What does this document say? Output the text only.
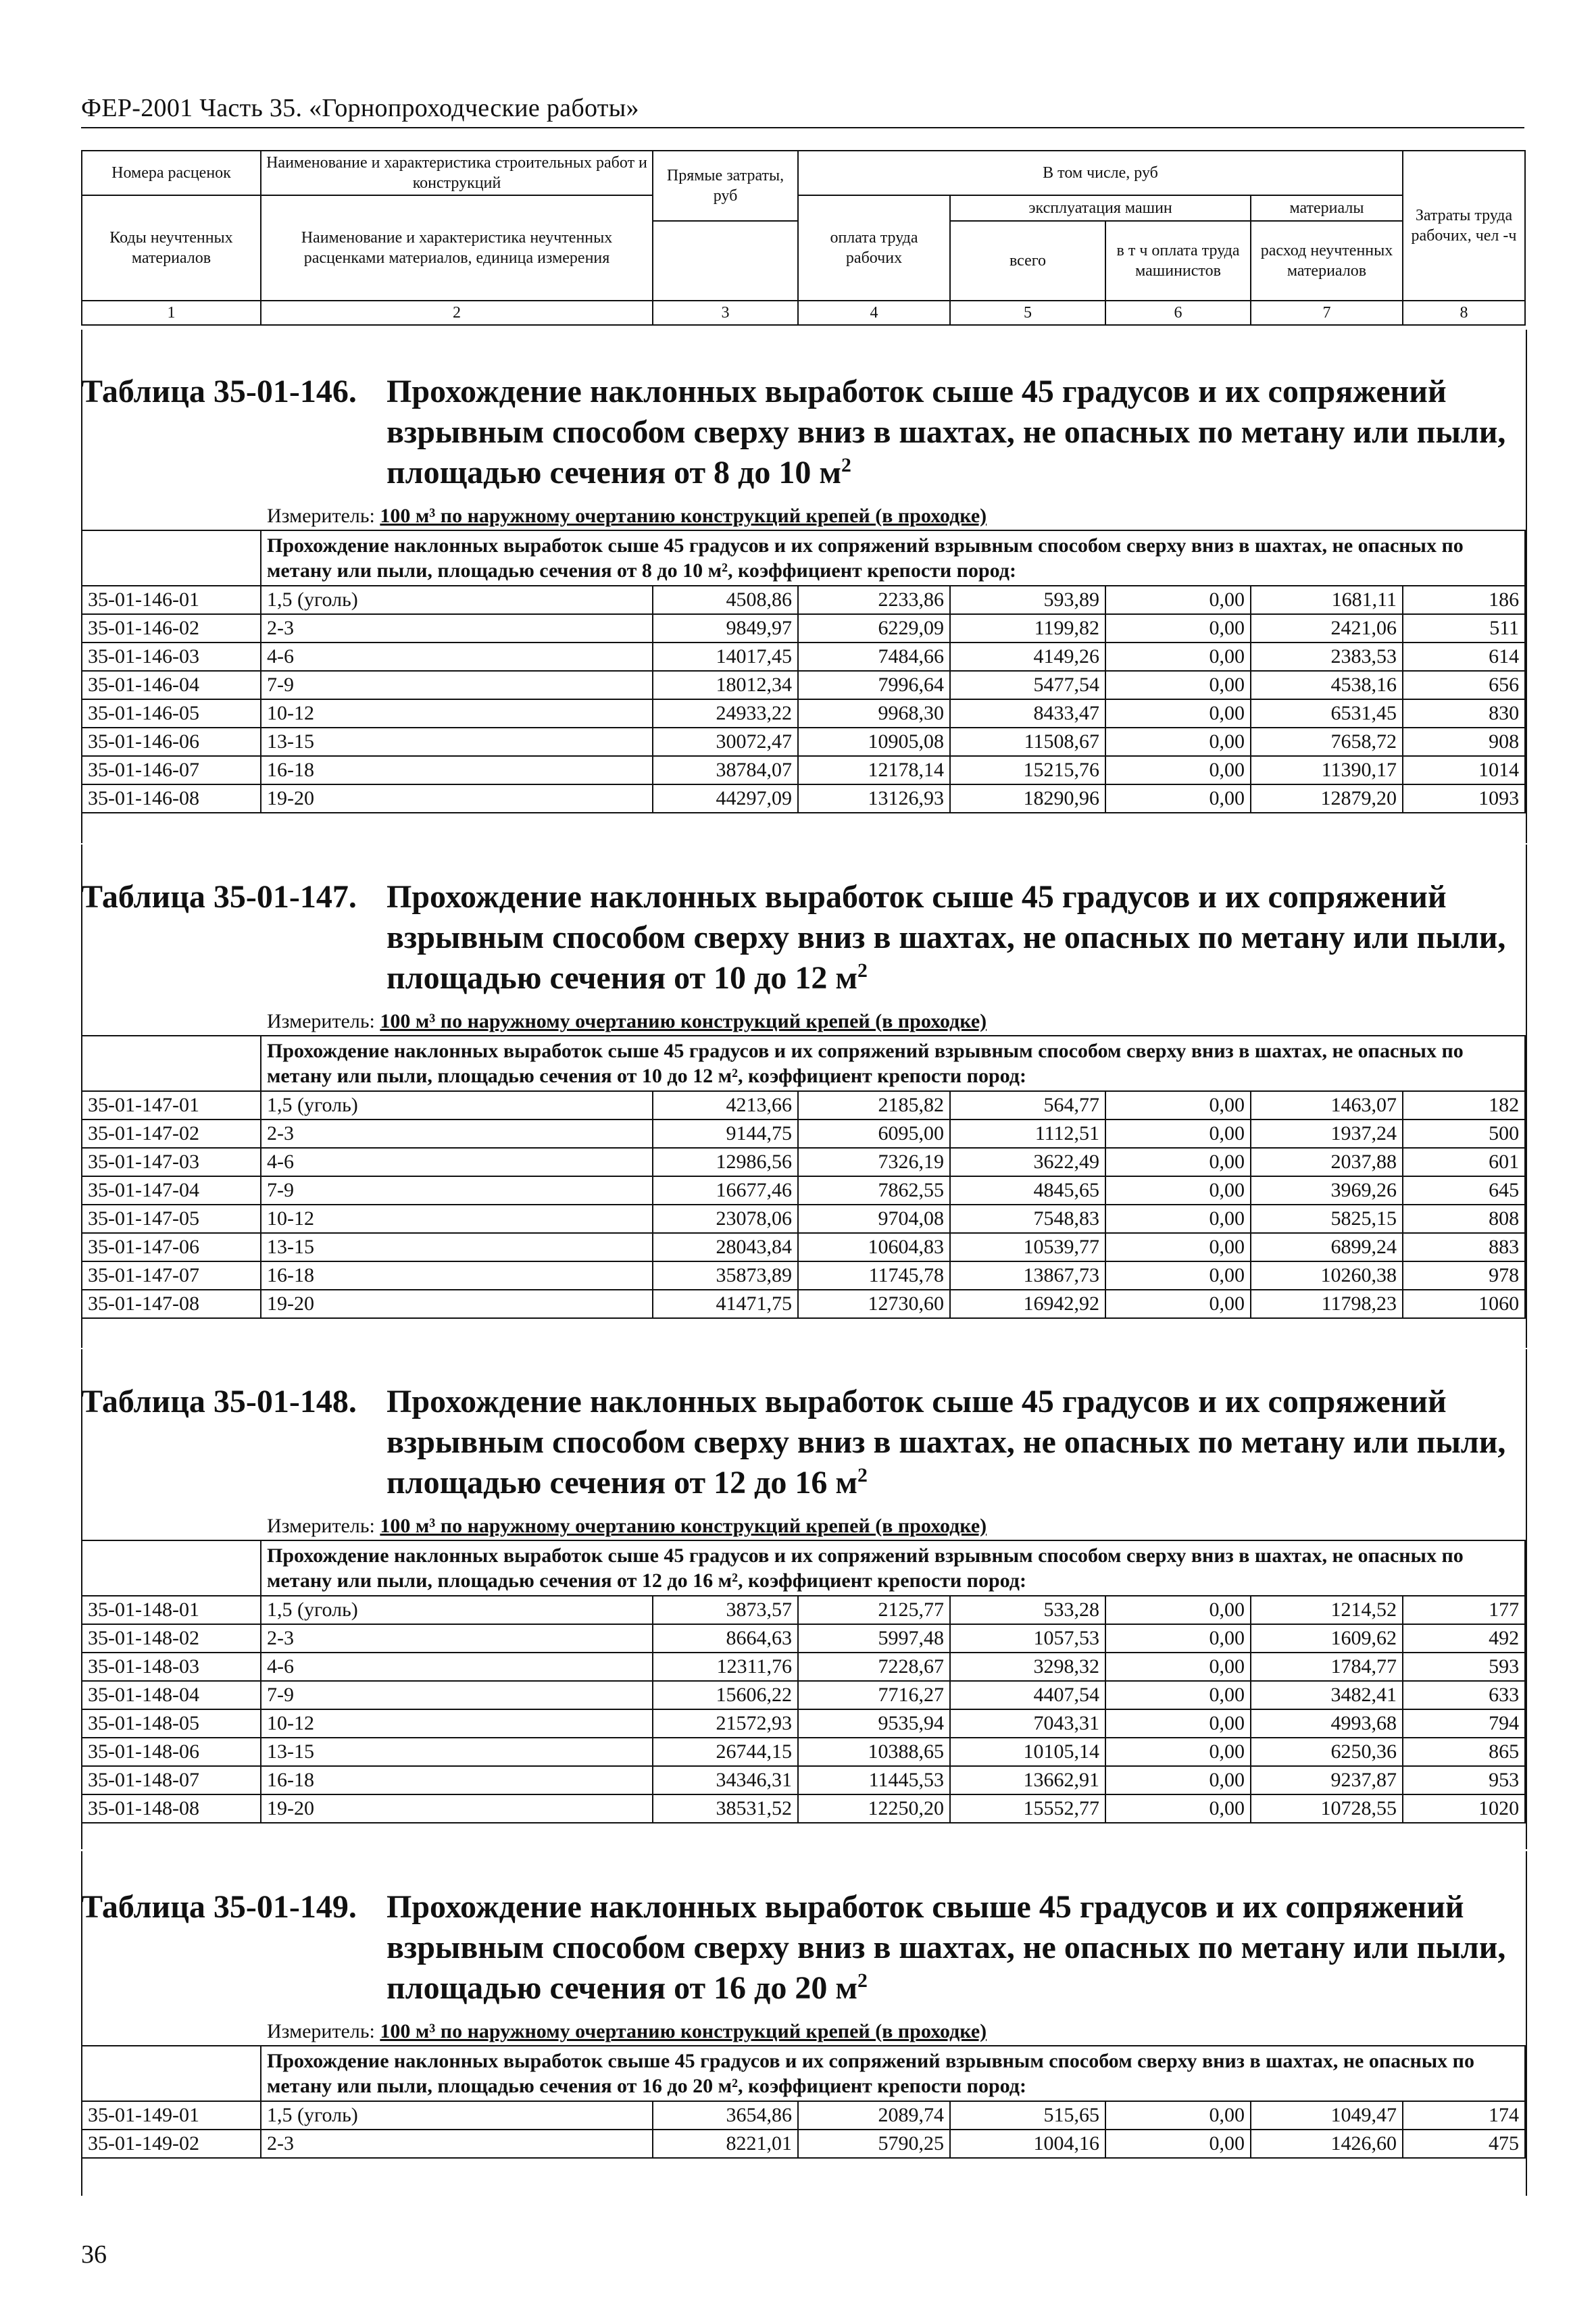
ФЕР-2001 Часть 35. «Горнопроходческие работы»
Номера расценок	Наименование и характеристика строительных работ и конструкций	Прямые затраты, руб	В том числе, руб				Затраты труда рабочих, чел -ч
Коды неучтенных материалов	Наименование и характеристика неучтенных расценками материалов, единица измерения		оплата труда рабочих	эксплуатация машин		материалы	
				всего	в т ч оплата труда машинистов	расход неучтенных материалов	
1	2	3	4	5	6	7	8
Таблица 35-01-146. Прохождение наклонных выработок сыше 45 градусов и их сопряжений взрывным способом сверху вниз в шахтах, не опасных по метану или пыли, площадью сечения от 8 до 10 $м^2$
Измеритель: 100 м³ по наружному очертанию конструкций крепей (в проходке)
	Прохождение наклонных выработок сыше 45 градусов и их сопряжений взрывным способом сверху вниз в шахтах, не опасных по метану или пыли, площадью сечения от 8 до 10 м², коэффициент крепости пород:						
35-01-146-01	1,5 (уголь)	4508,86	2233,86	593,89	0,00	1681,11	186
35-01-146-02	2-3	9849,97	6229,09	1199,82	0,00	2421,06	511
35-01-146-03	4-6	14017,45	7484,66	4149,26	0,00	2383,53	614
35-01-146-04	7-9	18012,34	7996,64	5477,54	0,00	4538,16	656
35-01-146-05	10-12	24933,22	9968,30	8433,47	0,00	6531,45	830
35-01-146-06	13-15	30072,47	10905,08	11508,67	0,00	7658,72	908
35-01-146-07	16-18	38784,07	12178,14	15215,76	0,00	11390,17	1014
35-01-146-08	19-20	44297,09	13126,93	18290,96	0,00	12879,20	1093
Таблица 35-01-147. Прохождение наклонных выработок сыше 45 градусов и их сопряжений взрывным способом сверху вниз в шахтах, не опасных по метану или пыли, площадью сечения от 10 до 12 $м^2$
Измеритель: 100 м³ по наружному очертанию конструкций крепей (в проходке)
	Прохождение наклонных выработок сыше 45 градусов и их сопряжений взрывным способом сверху вниз в шахтах, не опасных по метану или пыли, площадью сечения от 10 до 12 м², коэффициент крепости пород:						
35-01-147-01	1,5 (уголь)	4213,66	2185,82	564,77	0,00	1463,07	182
35-01-147-02	2-3	9144,75	6095,00	1112,51	0,00	1937,24	500
35-01-147-03	4-6	12986,56	7326,19	3622,49	0,00	2037,88	601
35-01-147-04	7-9	16677,46	7862,55	4845,65	0,00	3969,26	645
35-01-147-05	10-12	23078,06	9704,08	7548,83	0,00	5825,15	808
35-01-147-06	13-15	28043,84	10604,83	10539,77	0,00	6899,24	883
35-01-147-07	16-18	35873,89	11745,78	13867,73	0,00	10260,38	978
35-01-147-08	19-20	41471,75	12730,60	16942,92	0,00	11798,23	1060
Таблица 35-01-148. Прохождение наклонных выработок сыше 45 градусов и их сопряжений взрывным способом сверху вниз в шахтах, не опасных по метану или пыли, площадью сечения от 12 до 16 $м^2$
Измеритель: 100 м³ по наружному очертанию конструкций крепей (в проходке)
	Прохождение наклонных выработок сыше 45 градусов и их сопряжений взрывным способом сверху вниз в шахтах, не опасных по метану или пыли, площадью сечения от 12 до 16 м², коэффициент крепости пород:						
35-01-148-01	1,5 (уголь)	3873,57	2125,77	533,28	0,00	1214,52	177
35-01-148-02	2-3	8664,63	5997,48	1057,53	0,00	1609,62	492
35-01-148-03	4-6	12311,76	7228,67	3298,32	0,00	1784,77	593
35-01-148-04	7-9	15606,22	7716,27	4407,54	0,00	3482,41	633
35-01-148-05	10-12	21572,93	9535,94	7043,31	0,00	4993,68	794
35-01-148-06	13-15	26744,15	10388,65	10105,14	0,00	6250,36	865
35-01-148-07	16-18	34346,31	11445,53	13662,91	0,00	9237,87	953
35-01-148-08	19-20	38531,52	12250,20	15552,77	0,00	10728,55	1020
Таблица 35-01-149. Прохождение наклонных выработок свыше 45 градусов и их сопряжений взрывным способом сверху вниз в шахтах, не опасных по метану или пыли, площадью сечения от 16 до 20 $м^2$
Измеритель: 100 м³ по наружному очертанию конструкций крепей (в проходке)
	Прохождение наклонных выработок свыше 45 градусов и их сопряжений взрывным способом сверху вниз в шахтах, не опасных по метану или пыли, площадью сечения от 16 до 20 м², коэффициент крепости пород:						
35-01-149-01	1,5 (уголь)	3654,86	2089,74	515,65	0,00	1049,47	174
35-01-149-02	2-3	8221,01	5790,25	1004,16	0,00	1426,60	475
36
